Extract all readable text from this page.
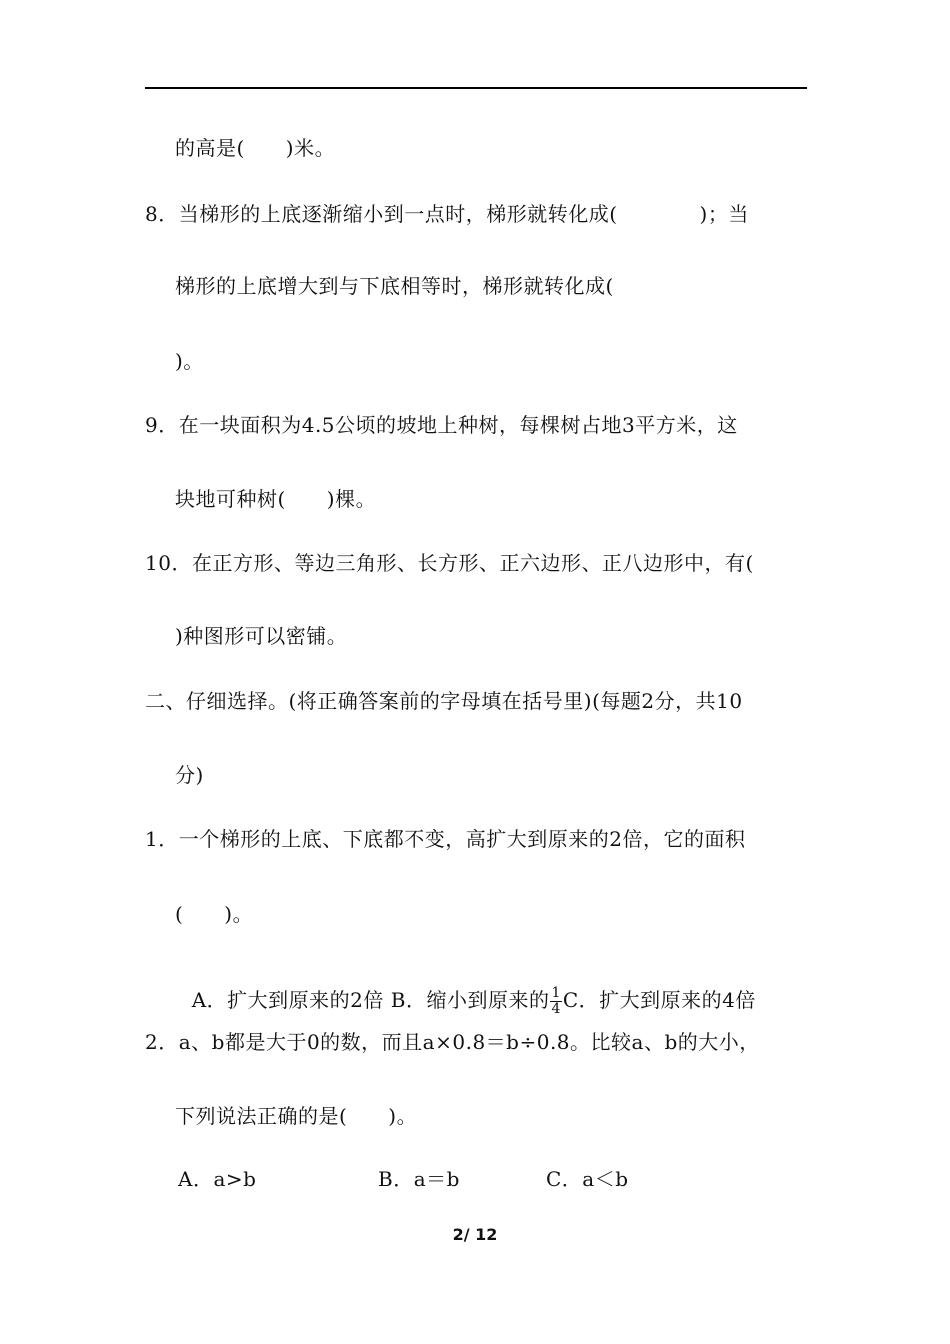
的高是(　　)米。
8．当梯形的上底逐渐缩小到一点时，梯形就转化成(　　　　)；当
梯形的上底增大到与下底相等时，梯形就转化成(
)。
9．在一块面积为4.5公顷的坡地上种树，每棵树占地3平方米，这
块地可种树(　　)棵。
10．在正方形、等边三角形、长方形、正六边形、正八边形中，有(
)种图形可以密铺。
二、仔细选择。(将正确答案前的字母填在括号里)(每题2分，共10
分)
1．一个梯形的上底、下底都不变，高扩大到原来的2倍，它的面积
(　　)。

A．扩大到原来的2倍 B．缩小到原来的 $\frac{1}{4}$ C．扩大到原来的4倍

2．a、b都是大于0的数，而且a×0.8＝b÷0.8。比较a、b的大小，
下列说法正确的是(　　)。
A．a>b	B．a＝b	C．a＜b
2/ 12
